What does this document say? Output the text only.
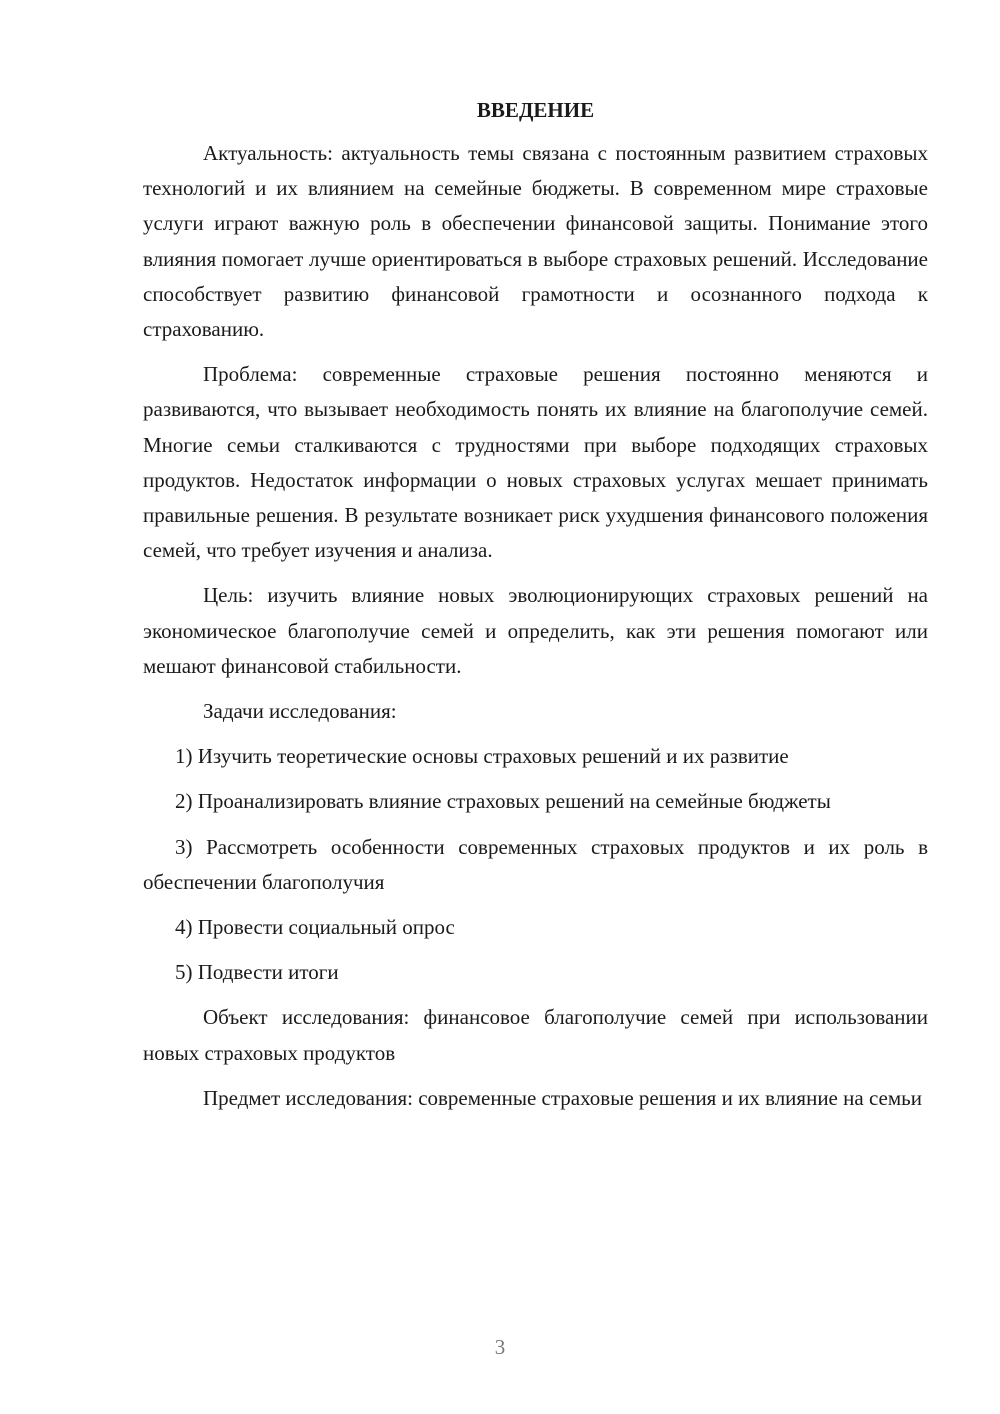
ВВЕДЕНИЕ

Актуальность: актуальность темы связана с постоянным развитием страховых технологий и их влиянием на семейные бюджеты. В современном мире страховые услуги играют важную роль в обеспечении финансовой защиты. Понимание этого влияния помогает лучше ориентироваться в выборе страховых решений. Исследование способствует развитию финансовой грамотности и осознанного подхода к страхованию.

Проблема: современные страховые решения постоянно меняются и развиваются, что вызывает необходимость понять их влияние на благополучие семей. Многие семьи сталкиваются с трудностями при выборе подходящих страховых продуктов. Недостаток информации о новых страховых услугах мешает принимать правильные решения. В результате возникает риск ухудшения финансового положения семей, что требует изучения и анализа.

Цель: изучить влияние новых эволюционирующих страховых решений на экономическое благополучие семей и определить, как эти решения помогают или мешают финансовой стабильности.

Задачи исследования:

1) Изучить теоретические основы страховых решений и их развитие

2) Проанализировать влияние страховых решений на семейные бюджеты

3) Рассмотреть особенности современных страховых продуктов и их роль в обеспечении благополучия

4) Провести социальный опрос

5) Подвести итоги

Объект исследования: финансовое благополучие семей при использовании новых страховых продуктов

Предмет исследования: современные страховые решения и их влияние на семьи

3
